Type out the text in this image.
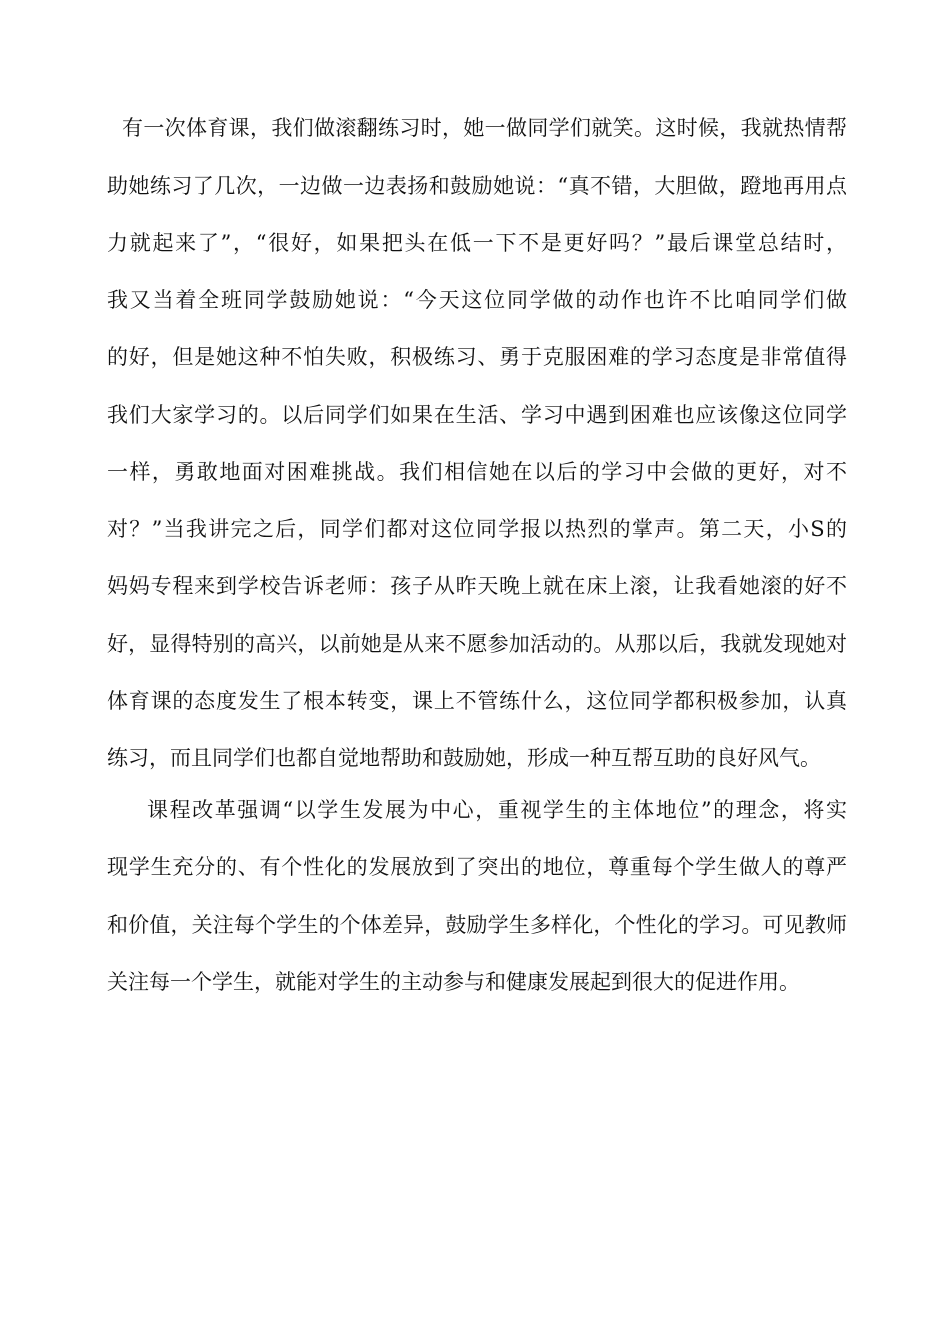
有一次体育课，我们做滚翻练习时，她一做同学们就笑。这时候，我就热情帮
助她练习了几次，一边做一边表扬和鼓励她说：“真不错，大胆做，蹬地再用点
力就起来了”，“很好，如果把头在低一下不是更好吗？”最后课堂总结时，
我又当着全班同学鼓励她说：“今天这位同学做的动作也许不比咱同学们做
的好，但是她这种不怕失败，积极练习、勇于克服困难的学习态度是非常值得
我们大家学习的。以后同学们如果在生活、学习中遇到困难也应该像这位同学
一样，勇敢地面对困难挑战。我们相信她在以后的学习中会做的更好，对不
对？”当我讲完之后，同学们都对这位同学报以热烈的掌声。第二天，小S的
妈妈专程来到学校告诉老师：孩子从昨天晚上就在床上滚，让我看她滚的好不
好，显得特别的高兴，以前她是从来不愿参加活动的。从那以后，我就发现她对
体育课的态度发生了根本转变，课上不管练什么，这位同学都积极参加，认真
练习，而且同学们也都自觉地帮助和鼓励她，形成一种互帮互助的良好风气。
课程改革强调“以学生发展为中心，重视学生的主体地位”的理念，将实
现学生充分的、有个性化的发展放到了突出的地位，尊重每个学生做人的尊严
和价值，关注每个学生的个体差异，鼓励学生多样化，个性化的学习。可见教师
关注每一个学生，就能对学生的主动参与和健康发展起到很大的促进作用。
